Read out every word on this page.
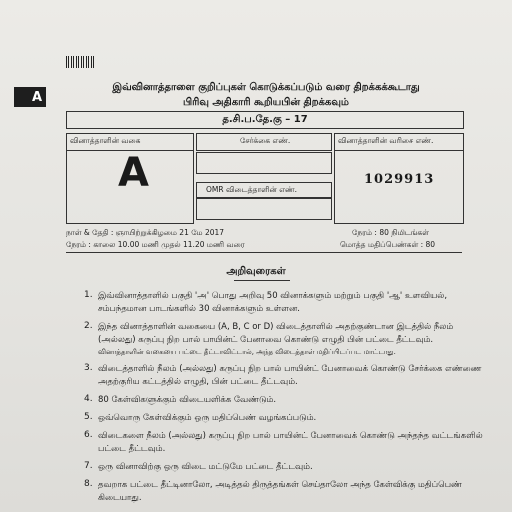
A
இவ்வினாத்தாளை குறிப்புகள் கொடுக்கப்படும் வரை திறக்கக்கூடாது
பிரிவு அதிகாரி கூறியபின் திறக்கவும்
த.சி.ப.தே.கு – 17
வினாத்தாளின் வகை
A
சேர்க்கை எண்.
OMR விடைத்தாளின் எண்.
வினாத்தாளின் வரிசை எண்.
1029913
நாள் & தேதி : ஞாயிற்றுக்கிழமை 21 மே 2017	நேரம் : 80 நிமிடங்கள்
நேரம் : காலை 10.00 மணி முதல் 11.20 மணி வரை	மொத்த மதிப்பெண்கள் : 80
அறிவுரைகள்
1. இவ்வினாத்தாளில் பகுதி 'அ' பொது அறிவு 50 வினாக்களும் மற்றும் பகுதி 'ஆ' உளவியல், சம்பந்தமான பாடங்களில் 30 வினாக்களும் உள்ளன.
2. இந்த வினாத்தாளின் வகையை (A, B, C or D) விடைத்தாளில் அதற்குண்டான இடத்தில் நீலம் (அல்லது) கருப்பு நிற பால் பாயின்ட் பேனாவை கொண்டு எழுதி பின் பட்டை தீட்டவும்.
வினாத்தாளின் வகையை பட்டை தீட்டாவிட்டால், அந்த விடைத்தாள் மதிப்பிடப்பட மாட்டாது.
3. விடைத்தாளில் நீலம் (அல்லது) கருப்பு நிற பால் பாயின்ட் பேனாவைக் கொண்டு சேர்க்கை எண்ணை அதற்குரிய கட்டத்தில் எழுதி, பின் பட்டை தீட்டவும்.
4. 80 கேள்விகளுக்கும் விடையளிக்க வேண்டும்.
5. ஒவ்வொரு கேள்விக்கும் ஒரு மதிப்பெண் வழங்கப்படும்.
6. விடைகளை நீலம் (அல்லது) கருப்பு நிற பால் பாயின்ட் பேனாவைக் கொண்டு அந்தந்த வட்டங்களில் பட்டை தீட்டவும்.
7. ஒரு வினாவிற்கு ஒரு விடை மட்டுமே பட்டை தீட்டவும்.
8. தவறாக பட்டை தீட்டினாலோ, அடித்தல் திருத்தங்கள் செய்தாலோ அந்த கேள்விக்கு மதிப்பெண் கிடையாது.
